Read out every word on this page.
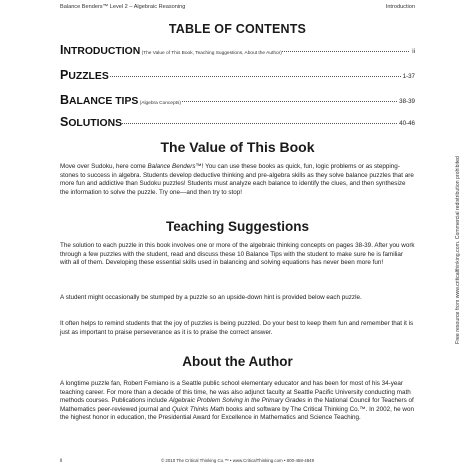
Balance Benders™ Level 2 – Algebraic Reasoning	Introduction
TABLE OF CONTENTS
INTRODUCTION (The Value of This Book, Teaching Suggestions, About the Author)	ii
PUZZLES	1-37
BALANCE TIPS (Algebra Concepts)	38-39
SOLUTIONS	40-46
The Value of This Book

Move over Sudoku, here come Balance Benders™! You can use these books as quick, fun, logic problems or as stepping-stones to success in algebra. Students develop deductive thinking and pre-algebra skills as they solve balance puzzles that are more fun and addictive than Sudoku puzzles! Students must analyze each balance to identify the clues, and then synthesize the information to solve the puzzle. Try one—and then try to stop!

Teaching Suggestions

The solution to each puzzle in this book involves one or more of the algebraic thinking concepts on pages 38-39. After you work through a few puzzles with the student, read and discuss these 10 Balance Tips with the student to make sure he is familiar with all of them. Developing these essential skills used in balancing and solving equations has never been more fun!

A student might occasionally be stumped by a puzzle so an upside-down hint is provided below each puzzle.

It often helps to remind students that the joy of puzzles is being puzzled. Do your best to keep them fun and remember that it is just as important to praise perseverance as it is to praise the correct answer.

About the Author

A longtime puzzle fan, Robert Femiano is a Seattle public school elementary educator and has been for most of his 34-year teaching career. For more than a decade of this time, he was also adjunct faculty at Seattle Pacific University conducting math methods courses. Publications include Algebraic Problem Solving in the Primary Grades in the National Council for Teachers of Mathematics peer-reviewed journal and Quick Thinks Math books and software by The Critical Thinking Co.™. In 2002, he won the highest honor in education, the Presidential Award for Excellence in Mathematics and Science Teaching.

Free resource from www.criticalthinking.com. Commercial redistribution prohibited
ii	© 2010 The Critical Thinking Co.™ • www.CriticalThinking.com • 800-458-4849
